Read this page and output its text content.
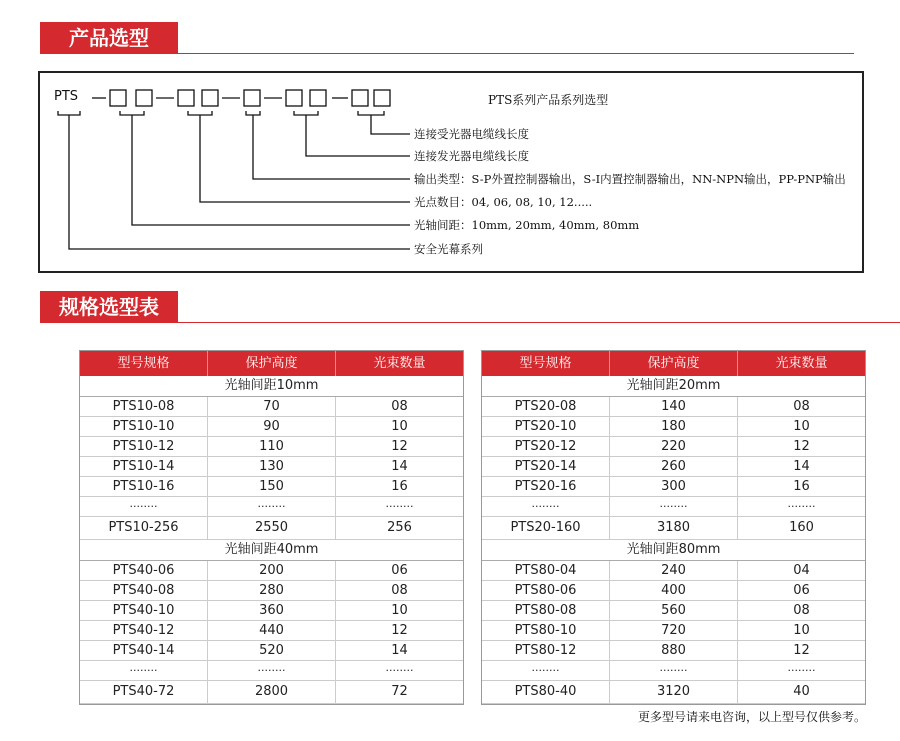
产品选型
PTS	PTS系列产品系列选型
连接受光器电缆线长度
连接发光器电缆线长度
输出类型：S-P外置控制器输出，S-I内置控制器输出，NN-NPN输出，PP-PNP输出
光点数目：04, 06, 08, 10, 12.....
光轴间距：10mm, 20mm, 40mm, 80mm
安全光幕系列
规格选型表
型号规格	保护高度	光束数量
光轴间距10mm
PTS10-08	70	08
PTS10-10	90	10
PTS10-12	110	12
PTS10-14	130	14
PTS10-16	150	16
........	........	........
PTS10-256	2550	256
光轴间距40mm
PTS40-06	200	06
PTS40-08	280	08
PTS40-10	360	10
PTS40-12	440	12
PTS40-14	520	14
........	........	........
PTS40-72	2800	72
型号规格	保护高度	光束数量
光轴间距20mm
PTS20-08	140	08
PTS20-10	180	10
PTS20-12	220	12
PTS20-14	260	14
PTS20-16	300	16
........	........	........
PTS20-160	3180	160
光轴间距80mm
PTS80-04	240	04
PTS80-06	400	06
PTS80-08	560	08
PTS80-10	720	10
PTS80-12	880	12
........	........	........
PTS80-40	3120	40
更多型号请来电咨询，以上型号仅供参考。
